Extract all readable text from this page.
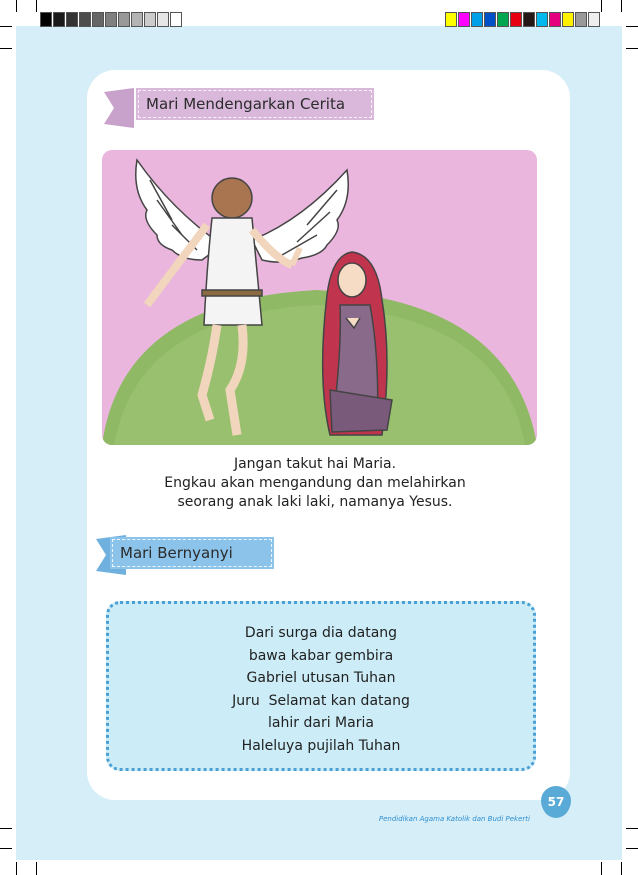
Mari Mendengarkan Cerita
Jangan takut hai Maria.
Engkau akan mengandung dan melahirkan
seorang anak laki laki, namanya Yesus.
Mari Bernyanyi
Dari surga dia datang
bawa kabar gembira
Gabriel utusan Tuhan
Juru  Selamat kan datang
lahir dari Maria
Haleluya pujilah Tuhan
Pendidikan Agama Katolik dan Budi Pekerti
57
